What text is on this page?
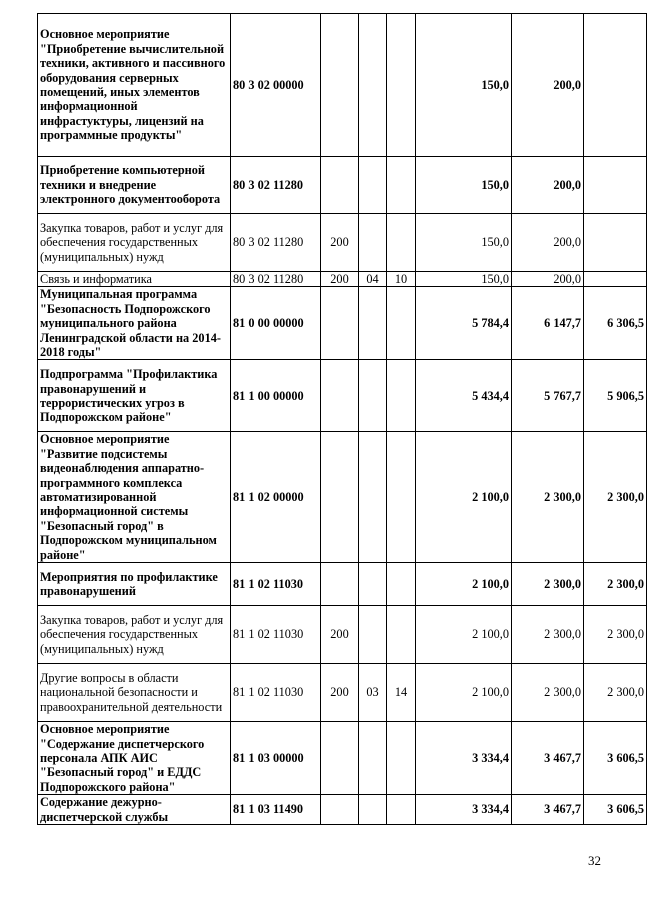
Основное мероприятие "Приобретение вычислительной техники, активного и пассивного оборудования серверных помещений, иных элементов информационной инфрастуктуры, лицензий на программные продукты"	80 3 02 00000				150,0	200,0	
Приобретение компьютерной техники и внедрение электронного документооборота	80 3 02 11280				150,0	200,0	
Закупка товаров, работ и услуг для обеспечения государственных (муниципальных) нужд	80 3 02 11280	200			150,0	200,0	
Связь и информатика	80 3 02 11280	200	04	10	150,0	200,0	
Муниципальная программа "Безопасность Подпорожского муниципального района Ленинградской области на 2014-2018 годы"	81 0 00 00000				5 784,4	6 147,7	6 306,5
Подпрограмма "Профилактика правонарушений и террористических угроз в Подпорожском районе"	81 1 00 00000				5 434,4	5 767,7	5 906,5
Основное мероприятие "Развитие подсистемы видеонаблюдения аппаратно-программного комплекса автоматизированной информационной системы "Безопасный город" в Подпорожском муниципальном районе"	81 1 02 00000				2 100,0	2 300,0	2 300,0
Мероприятия по профилактике правонарушений	81 1 02 11030				2 100,0	2 300,0	2 300,0
Закупка товаров, работ и услуг для обеспечения государственных (муниципальных) нужд	81 1 02 11030	200			2 100,0	2 300,0	2 300,0
Другие вопросы в области национальной безопасности и правоохранительной деятельности	81 1 02 11030	200	03	14	2 100,0	2 300,0	2 300,0
Основное мероприятие "Содержание диспетчерского персонала АПК АИС "Безопасный город" и ЕДДС Подпорожского района"	81 1 03 00000				3 334,4	3 467,7	3 606,5
Содержание дежурно-диспетчерской службы	81 1 03 11490				3 334,4	3 467,7	3 606,5
32
